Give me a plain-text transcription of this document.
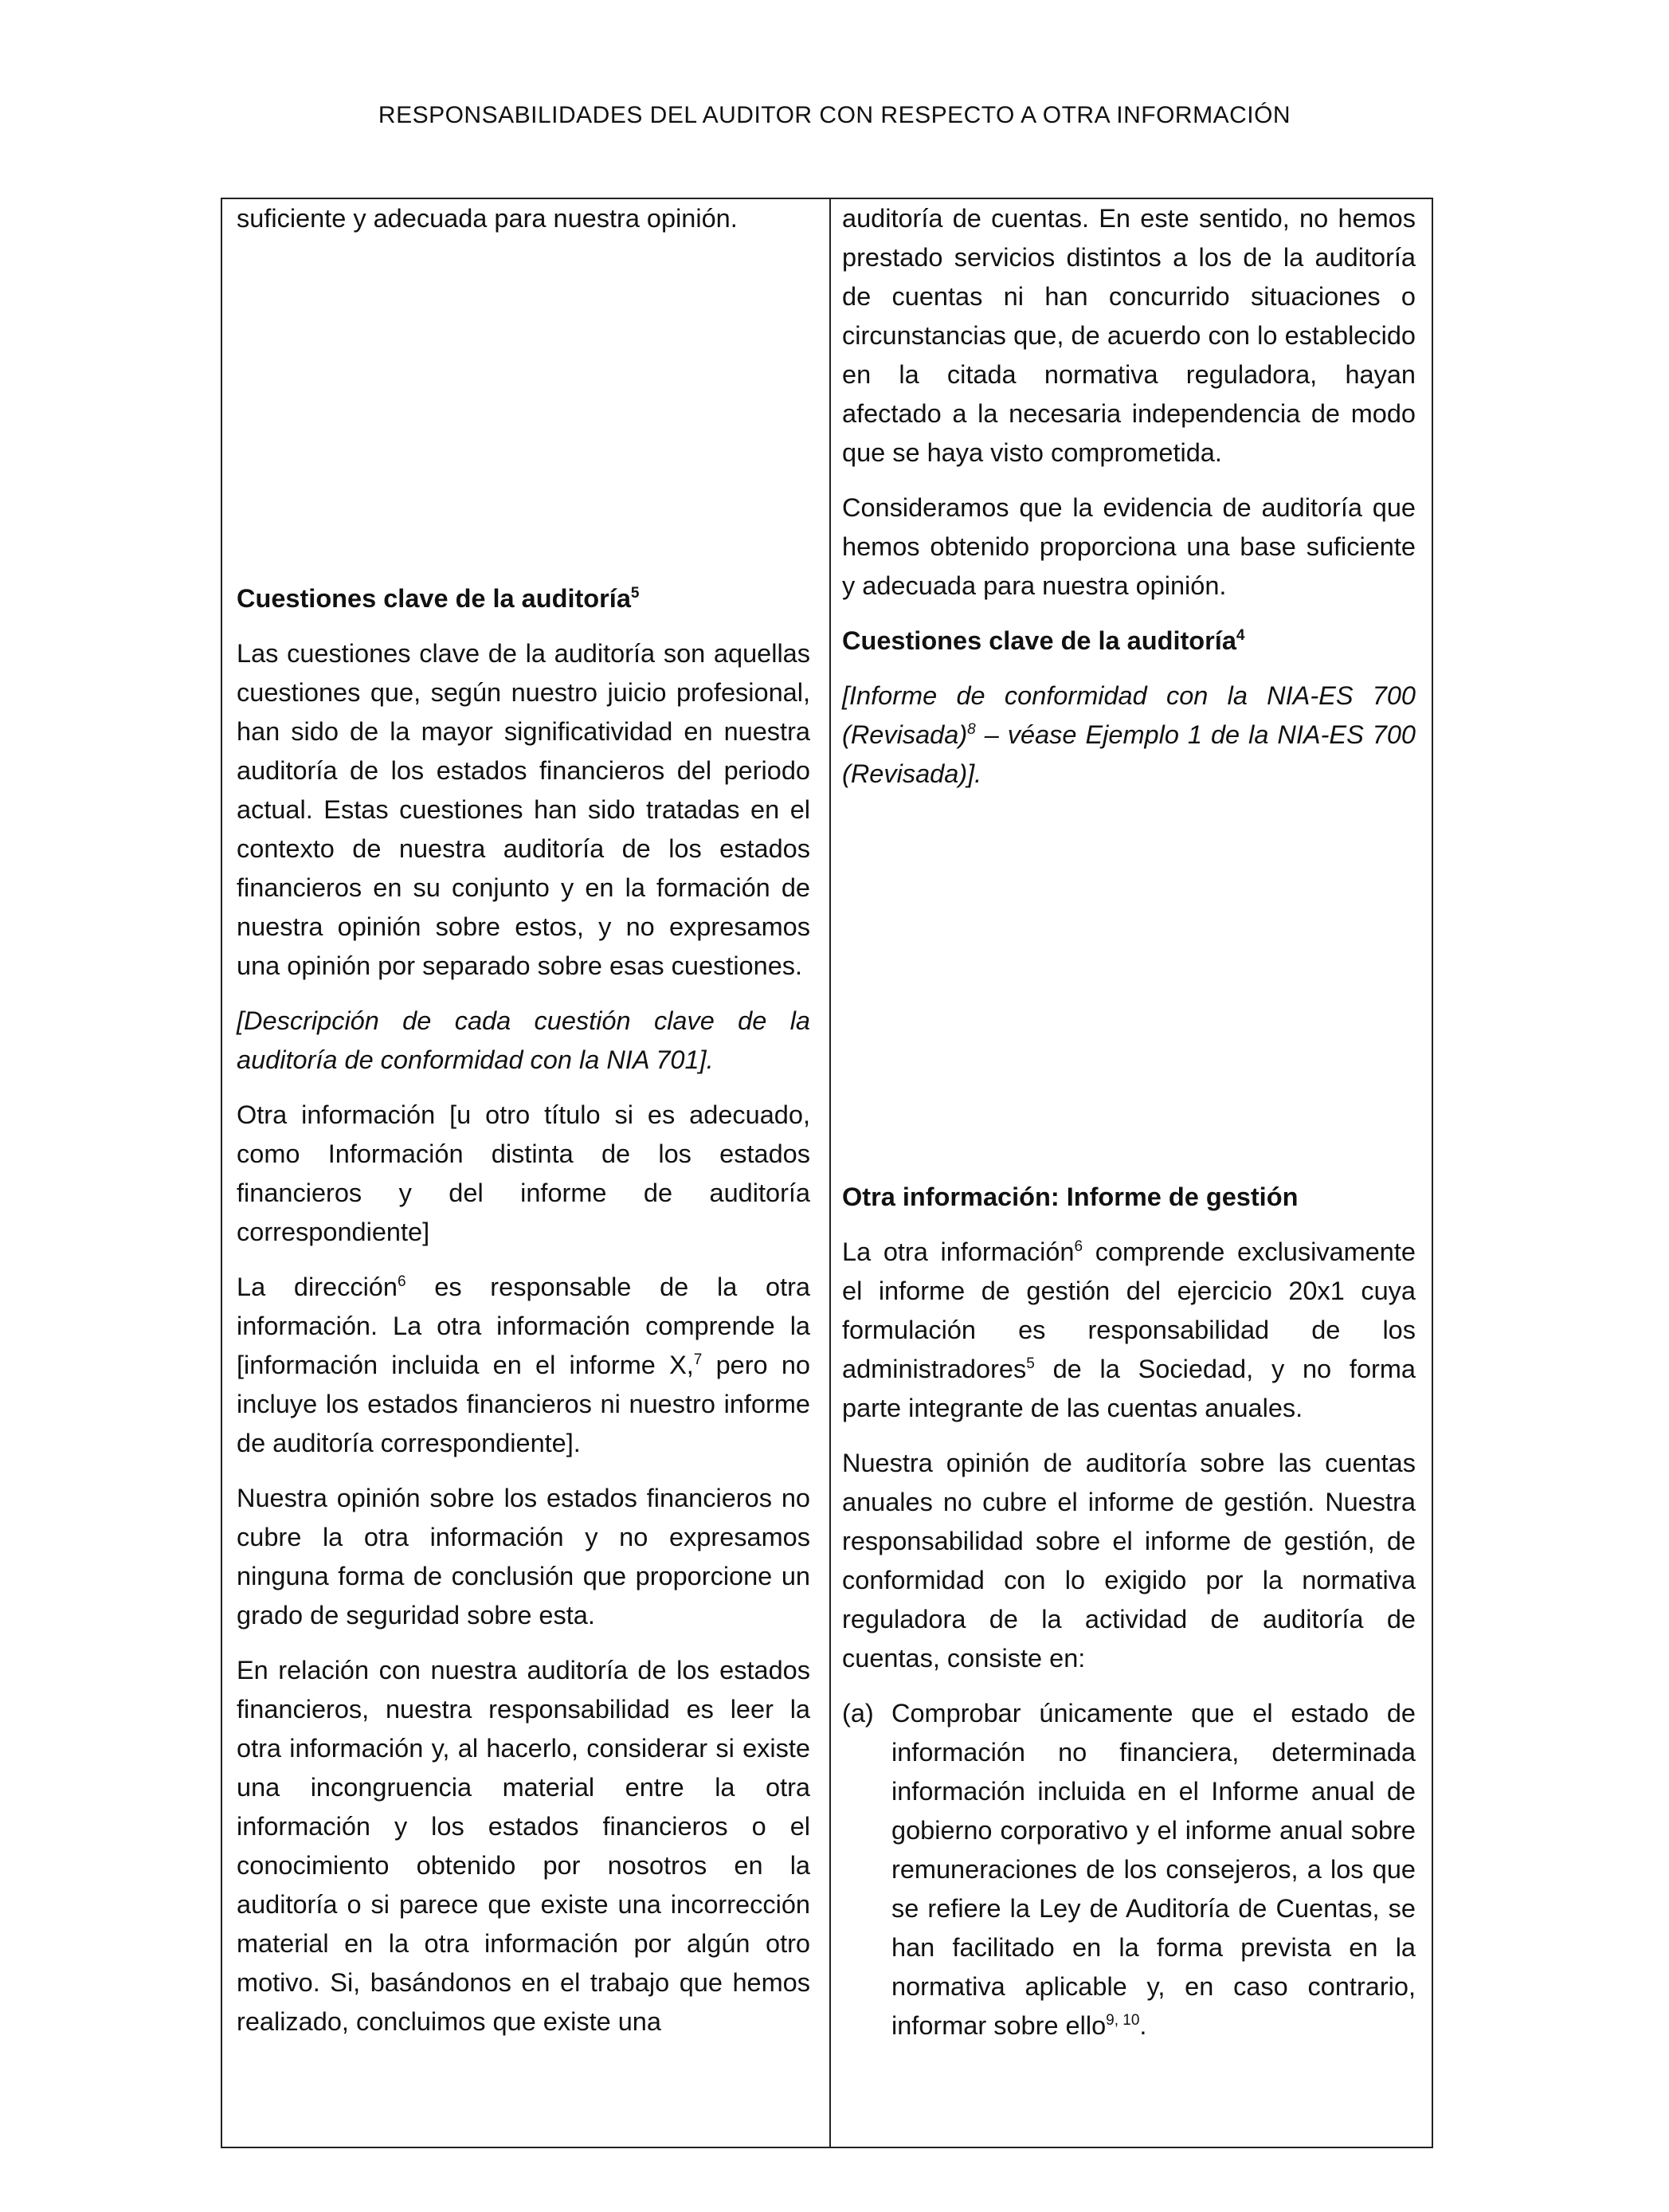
RESPONSABILIDADES DEL AUDITOR CON RESPECTO A OTRA INFORMACIÓN

suficiente y adecuada para nuestra opinión.

Cuestiones clave de la auditoría$^5$

Las cuestiones clave de la auditoría son aquellas cuestiones que, según nuestro juicio profesional, han sido de la mayor significatividad en nuestra auditoría de los estados financieros del periodo actual. Estas cuestiones han sido tratadas en el contexto de nuestra auditoría de los estados financieros en su conjunto y en la formación de nuestra opinión sobre estos, y no expresamos una opinión por separado sobre esas cuestiones.

[Descripción de cada cuestión clave de la auditoría de conformidad con la NIA 701].

Otra información [u otro título si es adecuado, como Información distinta de los estados financieros y del informe de auditoría correspondiente]

La dirección$^6$ es responsable de la otra información. La otra información comprende la [información incluida en el informe X,$^7$ pero no incluye los estados financieros ni nuestro informe de auditoría correspondiente].

Nuestra opinión sobre los estados financieros no cubre la otra información y no expresamos ninguna forma de conclusión que proporcione un grado de seguridad sobre esta.

En relación con nuestra auditoría de los estados financieros, nuestra responsabilidad es leer la otra información y, al hacerlo, considerar si existe una incongruencia material entre la otra información y los estados financieros o el conocimiento obtenido por nosotros en la auditoría o si parece que existe una incorrección material en la otra información por algún otro motivo. Si, basándonos en el trabajo que hemos realizado, concluimos que existe una

auditoría de cuentas. En este sentido, no hemos prestado servicios distintos a los de la auditoría de cuentas ni han concurrido situaciones o circunstancias que, de acuerdo con lo establecido en la citada normativa reguladora, hayan afectado a la necesaria independencia de modo que se haya visto comprometida.

Consideramos que la evidencia de auditoría que hemos obtenido proporciona una base suficiente y adecuada para nuestra opinión.

Cuestiones clave de la auditoría$^4$

[Informe de conformidad con la NIA-ES 700 (Revisada)$^8$ – véase Ejemplo 1 de la NIA-ES 700 (Revisada)].

Otra información: Informe de gestión

La otra información$^6$ comprende exclusivamente el informe de gestión del ejercicio 20x1 cuya formulación es responsabilidad de los administradores$^5$ de la Sociedad, y no forma parte integrante de las cuentas anuales.

Nuestra opinión de auditoría sobre las cuentas anuales no cubre el informe de gestión. Nuestra responsabilidad sobre el informe de gestión, de conformidad con lo exigido por la normativa reguladora de la actividad de auditoría de cuentas, consiste en:

(a) Comprobar únicamente que el estado de información no financiera, determinada información incluida en el Informe anual de gobierno corporativo y el informe anual sobre remuneraciones de los consejeros, a los que se refiere la Ley de Auditoría de Cuentas, se han facilitado en la forma prevista en la normativa aplicable y, en caso contrario, informar sobre ello$^{9, 10}$.
